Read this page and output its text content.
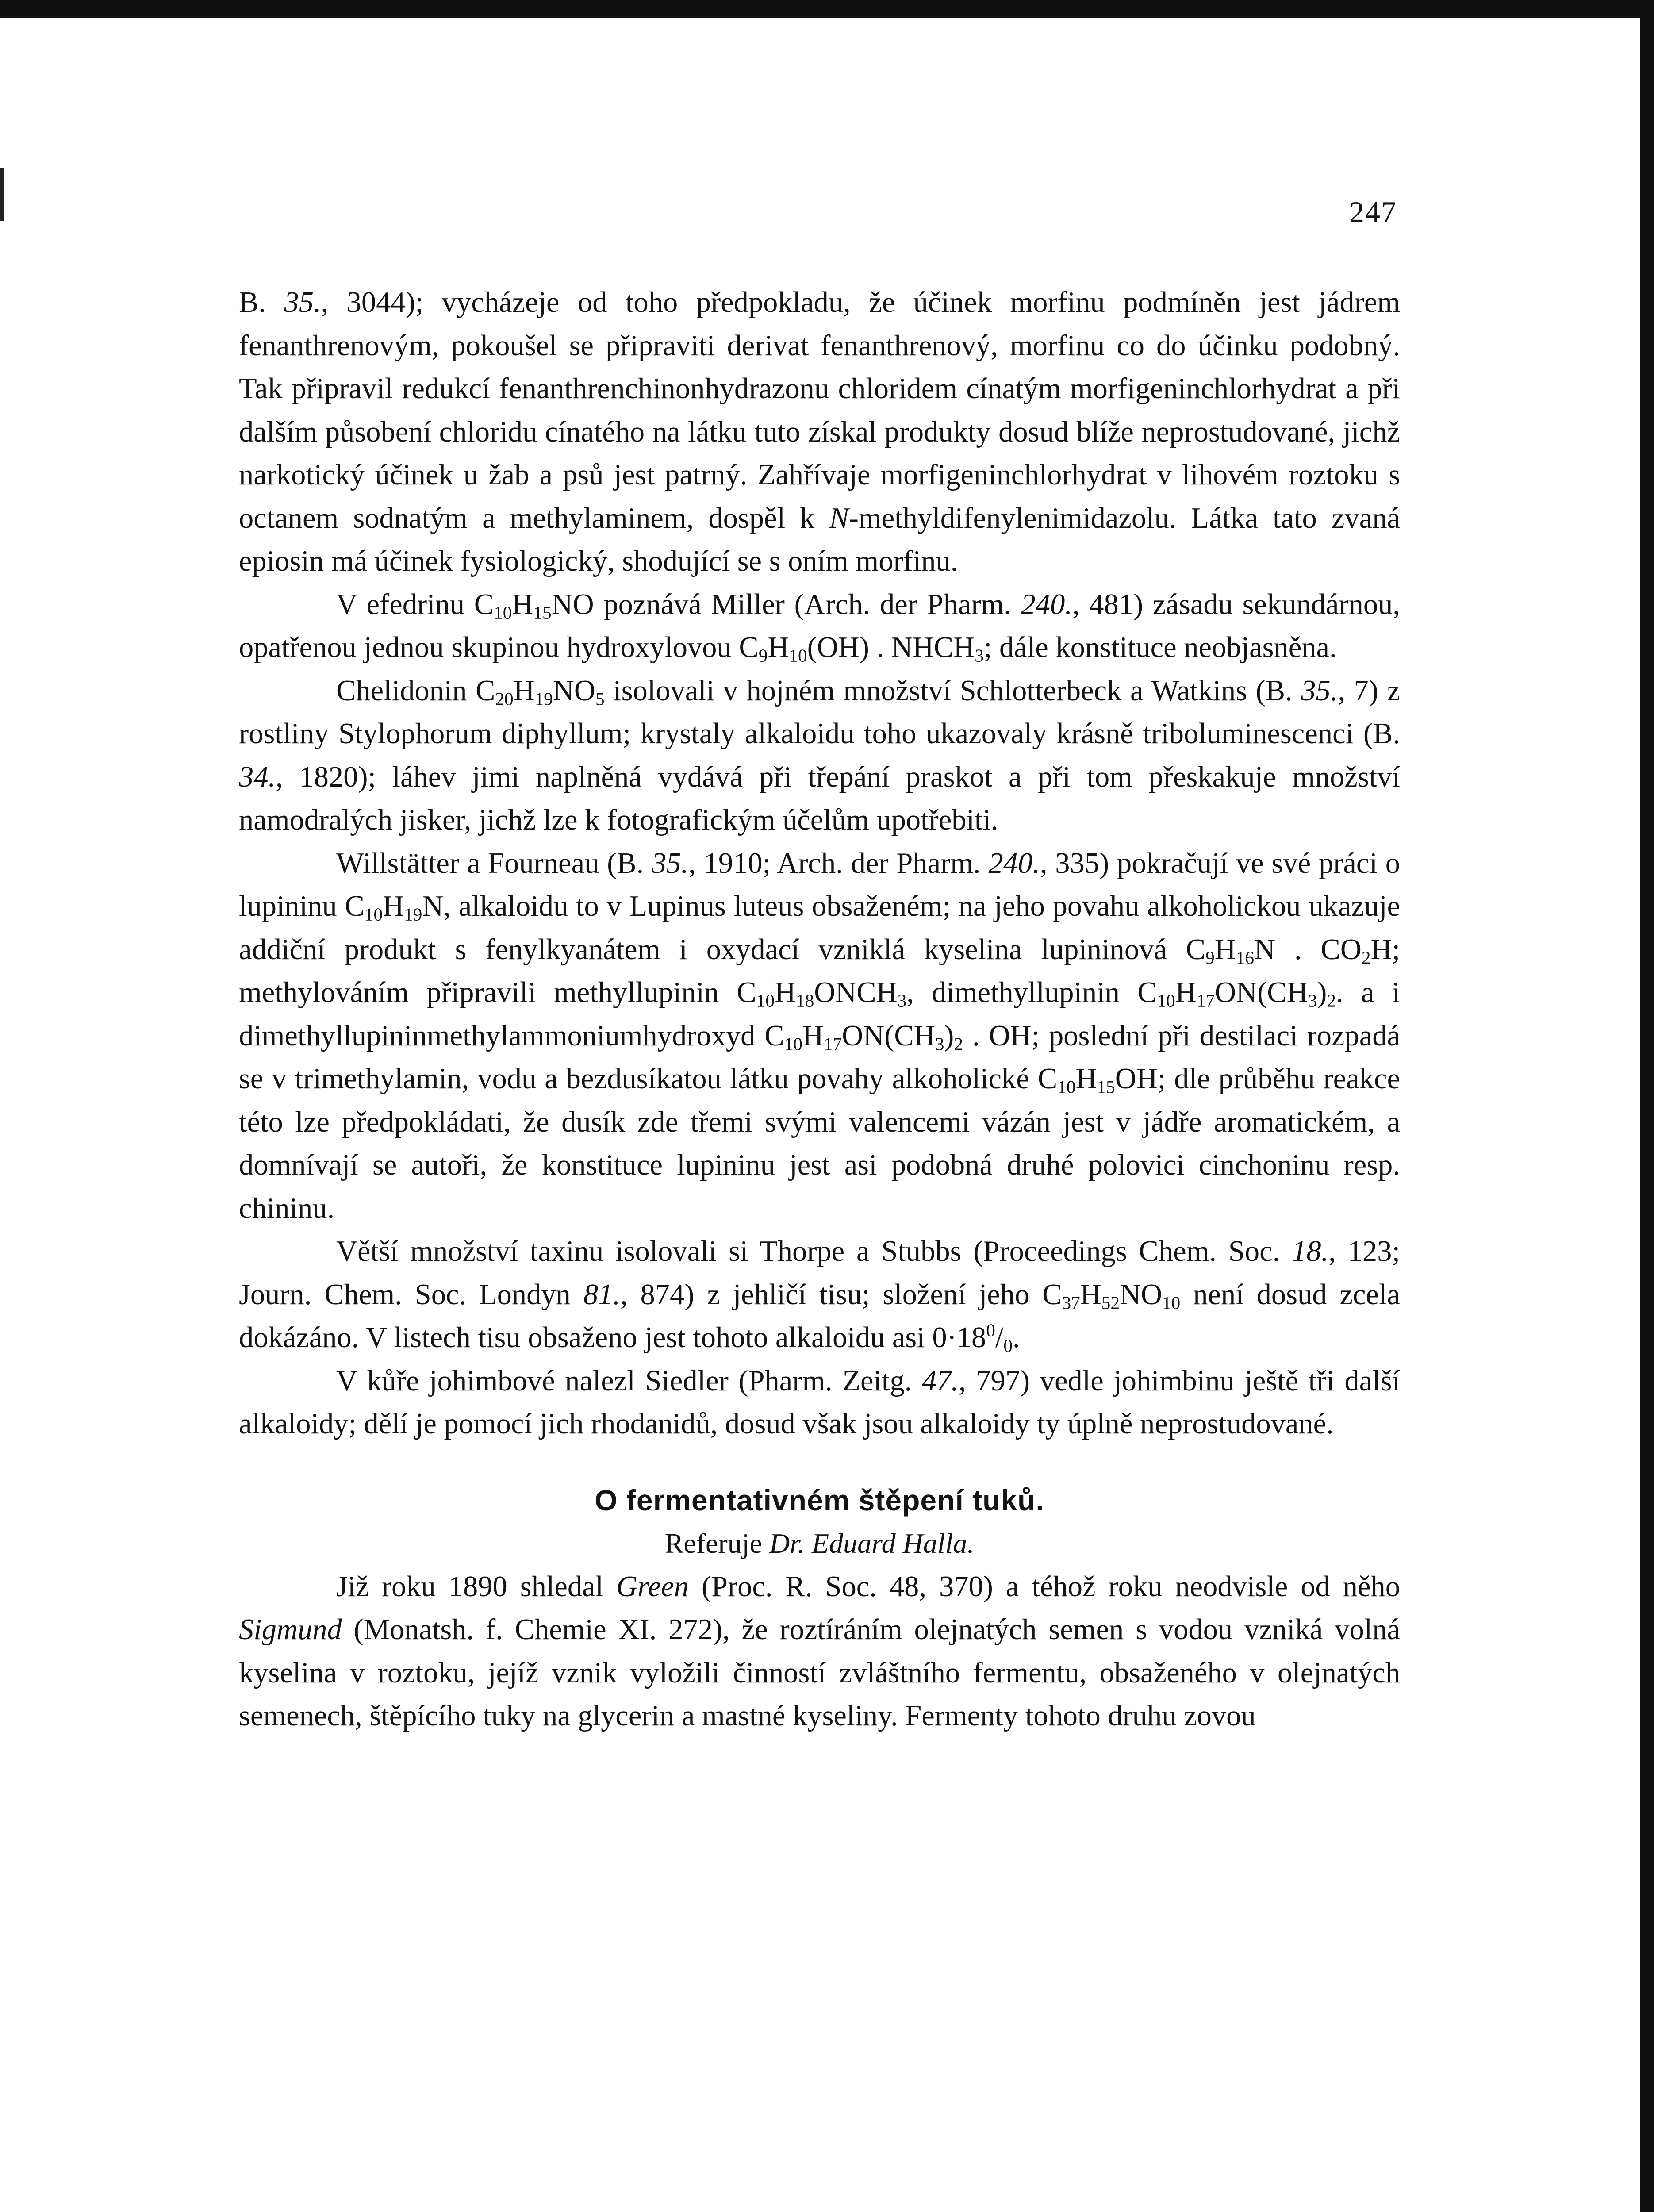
247

B. 35., 3044); vycházeje od toho předpokladu, že účinek morfinu podmíněn jest jádrem fenanthrenovým, pokoušel se připraviti derivat fenanthrenový, morfinu co do účinku podobný. Tak připravil redukcí fenanthrenchinonhydrazonu chloridem cínatým morfigeninchlorhydrat a při dalším působení chloridu cínatého na látku tuto získal produkty dosud blíže neprostudované, jichž narkotický účinek u žab a psů jest patrný. Zahřívaje morfigeninchlorhydrat v lihovém roztoku s octanem sodnatým a methylaminem, dospěl k N-methyldifenylenimidazolu. Látka tato zvaná epiosin má účinek fysiologický, shodující se s oním morfinu.

V efedrinu $C_{10}H_{15}NO$ poznává Miller (Arch. der Pharm. 240., 481) zásadu sekundárnou, opatřenou jednou skupinou hydroxylovou $C_9H_{10}(OH)$ . $NHCH_3$; dále konstituce neobjasněna.

Chelidonin $C_{20}H_{19}NO_5$ isolovali v hojném množství Schlotterbeck a Watkins (B. 35., 7) z rostliny Stylophorum diphyllum; krystaly alkaloidu toho ukazovaly krásně triboluminescenci (B. 34., 1820); láhev jimi naplněná vydává při třepání praskot a při tom přeskakuje množství namodralých jisker, jichž lze k fotografickým účelům upotřebiti.

Willstätter a Fourneau (B. 35., 1910; Arch. der Pharm. 240., 335) pokračují ve své práci o lupininu $C_{10}H_{19}N$, alkaloidu to v Lupinus luteus obsaženém; na jeho povahu alkoholickou ukazuje addiční produkt s fenylkyanátem i oxydací vzniklá kyselina lupininová $C_9H_{16}N$ . $CO_2H$; methylováním připravili methyllupinin $C_{10}H_{18}ONCH_3$, dimethyllupinin $C_{10}H_{17}ON(CH_3)_2$. a i dimethyllupininmethylammoniumhydroxyd $C_{10}H_{17}ON(CH_3)_2$ . OH; poslední při destilaci rozpadá se v trimethylamin, vodu a bezdusíkatou látku povahy alkoholické $C_{10}H_{15}OH$; dle průběhu reakce této lze předpokládati, že dusík zde třemi svými valencemi vázán jest v jádře aromatickém, a domnívají se autoři, že konstituce lupininu jest asi podobná druhé polovici cinchoninu resp. chininu.

Větší množství taxinu isolovali si Thorpe a Stubbs (Proceedings Chem. Soc. 18., 123; Journ. Chem. Soc. Londyn 81., 874) z jehličí tisu; složení jeho $C_{37}H_{52}NO_{10}$ není dosud zcela dokázáno. V listech tisu obsaženo jest tohoto alkaloidu asi $0\cdot 18^0/_0$.

V kůře johimbové nalezl Siedler (Pharm. Zeitg. 47., 797) vedle johimbinu ještě tři další alkaloidy; dělí je pomocí jich rhodanidů, dosud však jsou alkaloidy ty úplně neprostudované.

O fermentativném štěpení tuků.
Referuje Dr. Eduard Halla.

Již roku 1890 shledal Green (Proc. R. Soc. 48, 370) a téhož roku neodvisle od něho Sigmund (Monatsh. f. Chemie XI. 272), že roztíráním olejnatých semen s vodou vzniká volná kyselina v roztoku, jejíž vznik vyložili činností zvláštního fermentu, obsaženého v olejnatých semenech, štěpícího tuky na glycerin a mastné kyseliny. Fermenty tohoto druhu zovou
